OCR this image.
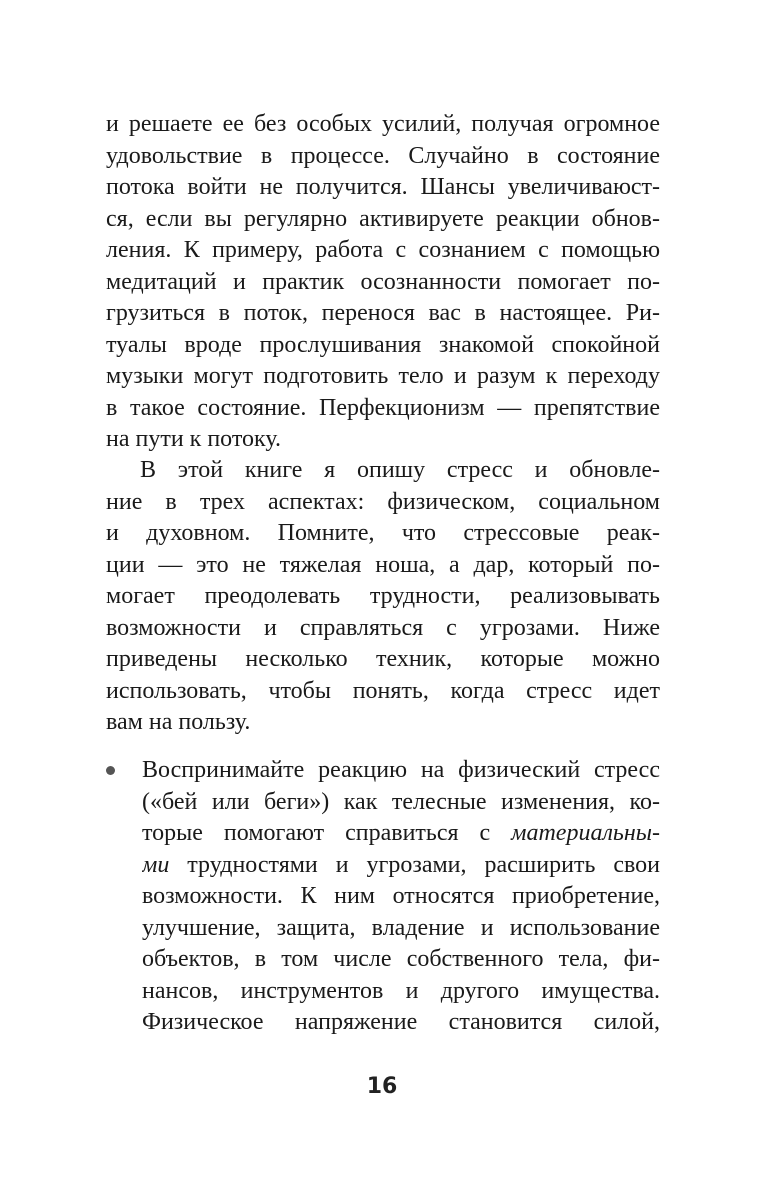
и решаете ее без особых усилий, получая огромное
удовольствие в процессе. Случайно в состояние
потока войти не получится. Шансы увеличиваюст-
ся, если вы регулярно активируете реакции обнов-
ления. К примеру, работа с сознанием с помощью
медитаций и практик осознанности помогает по-
грузиться в поток, перенося вас в настоящее. Ри-
туалы вроде прослушивания знакомой спокойной
музыки могут подготовить тело и разум к переходу
в такое состояние. Перфекционизм — препятствие
на пути к потоку.
В этой книге я опишу стресс и обновле-
ние в трех аспектах: физическом, социальном
и духовном. Помните, что стрессовые реак-
ции — это не тяжелая ноша, а дар, который по-
могает преодолевать трудности, реализовывать
возможности и справляться с угрозами. Ниже
приведены несколько техник, которые можно
использовать, чтобы понять, когда стресс идет
вам на пользу.
Воспринимайте реакцию на физический стресс
(«бей или беги») как телесные изменения, ко-
торые помогают справиться с материальны-
ми трудностями и угрозами, расширить свои
возможности. К ним относятся приобретение,
улучшение, защита, владение и использование
объектов, в том числе собственного тела, фи-
нансов, инструментов и другого имущества.
Физическое напряжение становится силой,
16
